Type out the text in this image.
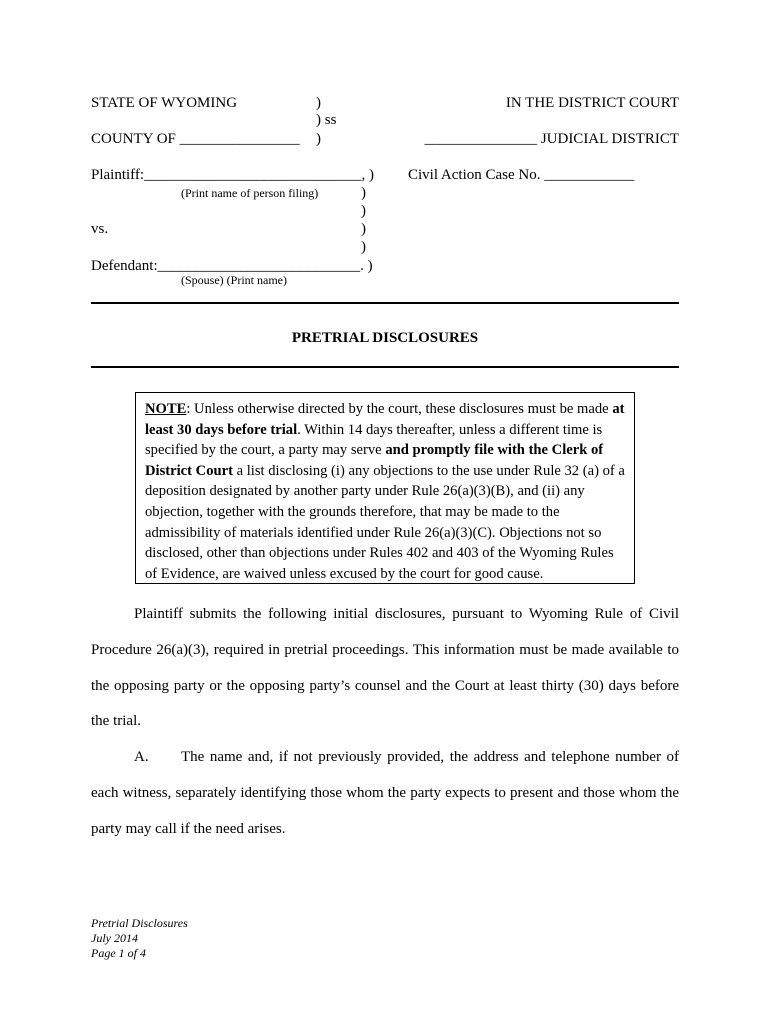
STATE OF WYOMING	)
) ss
IN THE DISTRICT COURT
COUNTY OF ________________ )	_______________ JUDICIAL DISTRICT
Plaintiff:_____________________________, ) Civil Action Case No. ____________
(Print name of person filing)	)
)
vs.	)
)
Defendant:___________________________. )
(Spouse) (Print name)
PRETRIAL DISCLOSURES

NOTE: Unless otherwise directed by the court, these disclosures must be made at least 30 days before trial. Within 14 days thereafter, unless a different time is specified by the court, a party may serve and promptly file with the Clerk of District Court a list disclosing (i) any objections to the use under Rule 32 (a) of a deposition designated by another party under Rule 26(a)(3)(B), and (ii) any objection, together with the grounds therefore, that may be made to the admissibility of materials identified under Rule 26(a)(3)(C). Objections not so disclosed, other than objections under Rules 402 and 403 of the Wyoming Rules of Evidence, are waived unless excused by the court for good cause.

Plaintiff submits the following initial disclosures, pursuant to Wyoming Rule of Civil Procedure 26(a)(3), required in pretrial proceedings. This information must be made available to the opposing party or the opposing party’s counsel and the Court at least thirty (30) days before the trial.

A. The name and, if not previously provided, the address and telephone number of each witness, separately identifying those whom the party expects to present and those whom the party may call if the need arises.

Pretrial Disclosures
July 2014
Page 1 of 4
